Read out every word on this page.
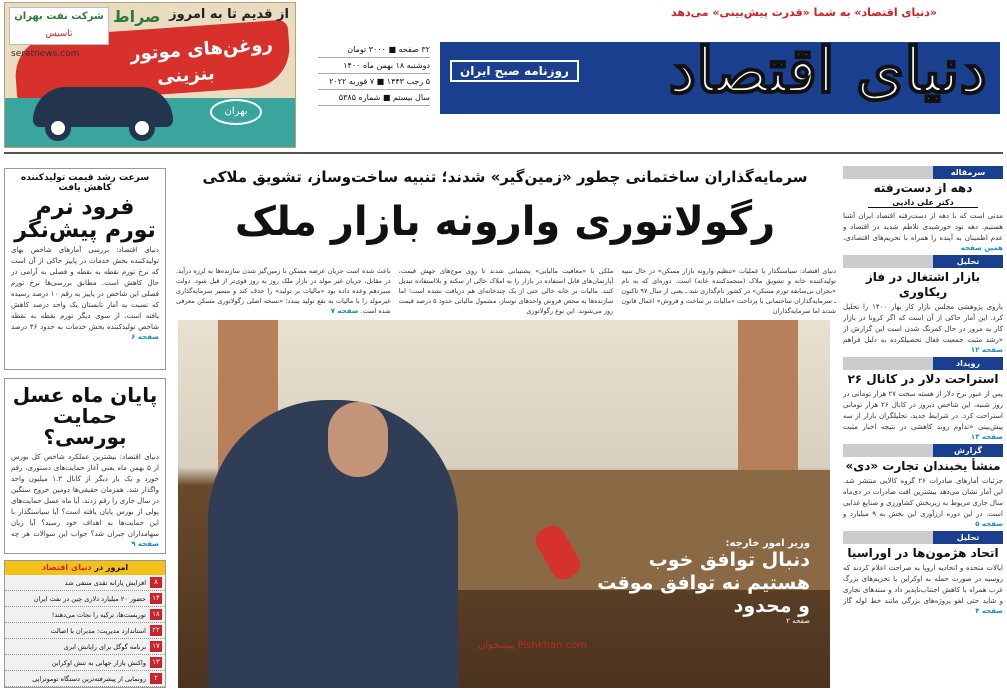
شرکت نفت بهران
تاسیس
از قدیم تا به امروز
صراط
seratnews.com	روغن‌های موتور
بنزینی
بهران
«دنیای اقتصاد» به شما «قدرت پیش‌بینی» می‌دهد
دنیای اقتصاد
روزنامه صبح ایران
۳۲ صفحه ■ ۳۰۰۰ تومان
دوشنبه ۱۸ بهمن ماه ۱۴۰۰
۵ رجب ۱۴۴۳ ■ ۷ فوریه ۲۰۲۲
سال بیستم ■ شماره ۵۳۸۵
سرعت رشد قیمت تولیدکننده کاهش یافت
فرود نرم تورم پیش‌نگر
دنیای اقتصاد: بررسی آمارهای شاخص بهای تولیدکننده بخش خدمات در پاییز حاکی از آن است که نرخ تورم نقطه به نقطه و فصلی به آرامی در حال کاهش است. مطابق بررسی‌ها نرخ تورم فصلی این شاخص در پاییز به رقم ۱۰ درصد رسیده که نسبت به آمار تابستان یک واحد درصد کاهش یافته است. از سوی دیگر تورم نقطه به نقطه شاخص تولیدکننده بخش خدمات به حدود ۴۶ درصد
صفحه ۶
پایان ماه عسل حمایت بورسی؟
دنیای اقتصاد: بیشترین عملکرد شاخص کل بورس از ۵ بهمن ماه یعنی آغاز حمایت‌های دستوری، رقم خورد و یک بار دیگر از کانال ۱.۳ میلیون واحد واگذار شد. همزمان حقیقی‌ها دومین خروج سنگین در سال جاری را رقم زدند. آیا ماه عسل حمایت‌های پولی از بورس پایان یافته است؟ آیا سیاستگذار با این حمایت‌ها به اهداف خود رسید؟ آیا زیان سهامداران جبران شد؟ جواب این سوالات هر چه
صفحه ۹
امروز در دنیای اقتصاد
۸
افزایش یارانه نقدی منتفی شد
۱۴
حضور ۲۰ میلیارد دلاری چین در نفت ایران
۱۸
توریست‌ها، ترکیه را نجات می‌دهند!
۲۲
استاندارد مدیریت: مدیران با اصالت
۱۷
برنامه گوگل برای رایانش ابری
۱۳
واکنش بازار جهانی به تنش اوکراین
۲
رونمایی از پیشرفته‌ترین دستگاه توموتراپی
سرمایه‌گذاران ساختمانی چطور «زمین‌گیر» شدند؛ تنبیه ساخت‌وساز، تشویق ملاکی
رگولاتوری وارونه بازار ملک
دنیای اقتصاد: سیاستگذار با عملیات «تنظیم وارونه بازار مسکن» در حال تنبیه تولیدکننده خانه و تشویق ملاک (منجمدکننده خانه) است. دوره‌ای که به نام «بحران بی‌سابقه تورم مسکن» در کشور نام‌گذاری شد ـ یعنی از سال ۹۷ تاکنون ـ سرمایه‌گذاران ساختمانی با پرداخت «مالیات بر ساخت و فروش» اعمال قانون شدند اما سرمایه‌گذاران
ملکی با «معافیت مالیاتی» پشتیبانی شدند تا روی موج‌های جهش قیمت، آپارتمان‌های قابل استفاده در بازار را به املاک خالی از سکنه و بلااستفاده تبدیل کنند. مالیات بر خانه خالی حتی از یک چندخانه‌ای هم دریافت نشده است؛ اما سازنده‌ها به محض فروش واحدهای نوساز، مشمول مالیاتی حدود ۵ درصد قیمت روز می‌شوند. این نوع رگولاتوری
باعث شده است جریان عرضه مسکن با زمین‌گیر شدن سازنده‌ها به لرزه درآید. در مقابل، جریان غیر مولد در بازار ملک روز به روز قوی‌تر از قبل شود. دولت سیزدهم وعده داده بود «مالیات بر تولید» را حذف کند و مسیر سرمایه‌گذاری غیرمولد را با مالیات به نفع تولید ببندد؛ «نسخه اصلی رگولاتوری مسکن معرفی شده است. صفحه ۷
وزیر امور خارجه:
دنبال توافق خوب هستیم نه توافق موقت و محدود
صفحه ۲
پیشخوان Pishkhan.com
سرمقاله
دهه از دست‌رفته
دکتر علی دادپی
مدتی است که با دهه از دست‌رفته اقتصاد ایران آشنا هستیم. دهه نود خورشیدی تلاطم شدید در اقتصاد و عدم اطمینان به آینده را همراه با تحریم‌های اقتصادی،
همین صفحه
تحلیل
بازار اشتغال در فاز ریکاوری
بازوی پژوهشی مجلس بازار کار بهار ۱۴۰۰ را تحلیل کرد. این آمار حاکی از آن است که اگر کرونا در بازار کار به مرور در حال کمرنگ شدن است این گزارش از «رشد مثبت جمعیت فعال تحصیلکرده به دلیل فراهم
صفحه ۱۲
رویداد
استراحت دلار در کانال ۲۶
پس از عبور نرخ دلار از هسته سخت ۲۷ هزار تومانی در روز شنبه، این شاخص دیروز در کانال ۲۶ هزار تومانی استراحت کرد. در شرایط جدید، تحلیلگران بازار از سه پیش‌بینی «تداوم روند کاهشی در نتیجه اخبار مثبت
صفحه ۱۳
گزارش
منشأ یخبندان تجارت «دی»
جزئیات آمارهای صادرات ۲۶ گروه کالایی منتشر شد. این آمار نشان می‌دهد بیشترین افت صادرات در دی‌ماه سال جاری مربوط به زیربخش کشاورزی و صنایع غذایی است. در این دوره ارزآوری این بخش به ۹ میلیارد و
صفحه ۵
تحلیل
اتحاد هژمون‌ها در اوراسیا
ایالات متحده و اتحادیه اروپا به صراحت اعلام کردند که روسیه در صورت حمله به اوکراین با تحریم‌های بزرگ غرب همراه با کاهش اجتناب‌ناپذیر داد و ستدهای تجاری و شاید حتی لغو پروژه‌های بزرگی مانند خط لوله گاز
صفحه ۴
